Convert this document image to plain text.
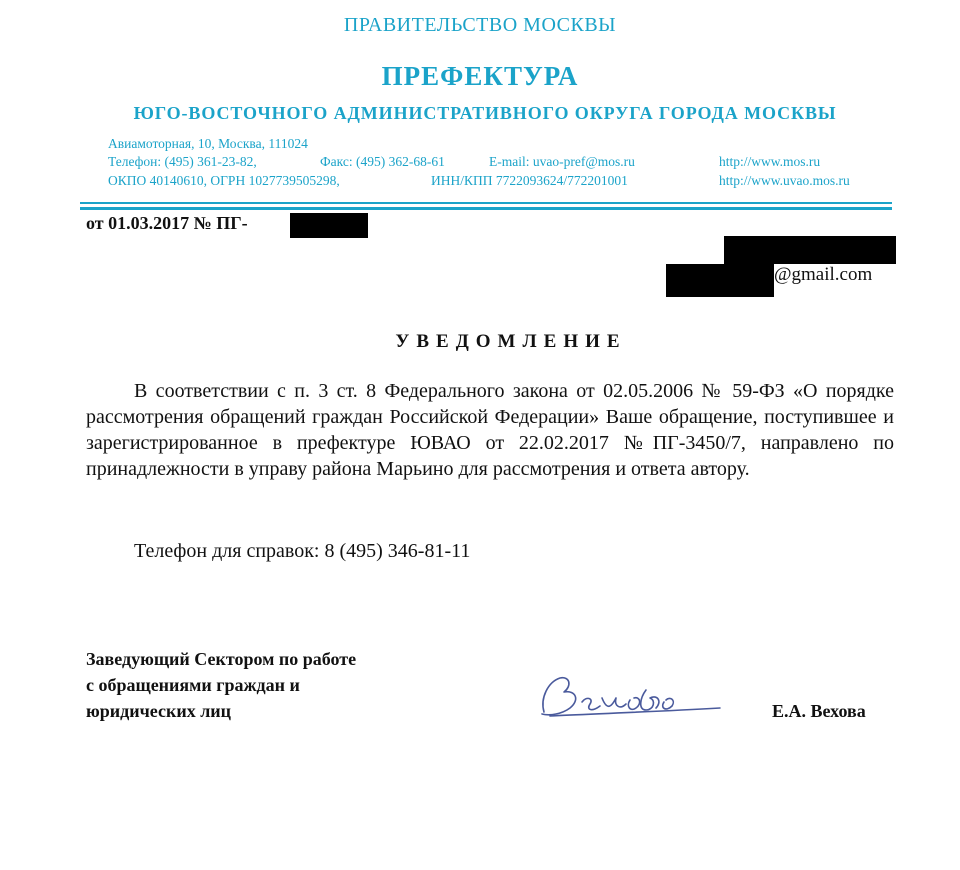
ПРАВИТЕЛЬСТВО МОСКВЫ
ПРЕФЕКТУРА
ЮГО-ВОСТОЧНОГО АДМИНИСТРАТИВНОГО ОКРУГА ГОРОДА МОСКВЫ
Авиамоторная, 10, Москва, 111024
Телефон: (495) 361-23-82,	Факс: (495) 362-68-61	E-mail: uvao-pref@mos.ru	http://www.mos.ru
ОКПО 40140610, ОГРН 1027739505298,	ИНН/КПП 7722093624/772201001	http://www.uvao.mos.ru
от 01.03.2017 № ПГ-
@gmail.com
УВЕДОМЛЕНИЕ

В соответствии с п. 3 ст. 8 Федерального закона от 02.05.2006 № 59-ФЗ «О порядке рассмотрения обращений граждан Российской Федерации» Ваше обращение, поступившее и зарегистрированное в префектуре ЮВАО от 22.02.2017 №ПГ-3450/7, направлено по принадлежности в управу района Марьино для рассмотрения и ответа автору.

Телефон для справок: 8 (495) 346-81-11
Заведующий Сектором по работе
с обращениями граждан и
юридических лиц	Е.А. Вехова
